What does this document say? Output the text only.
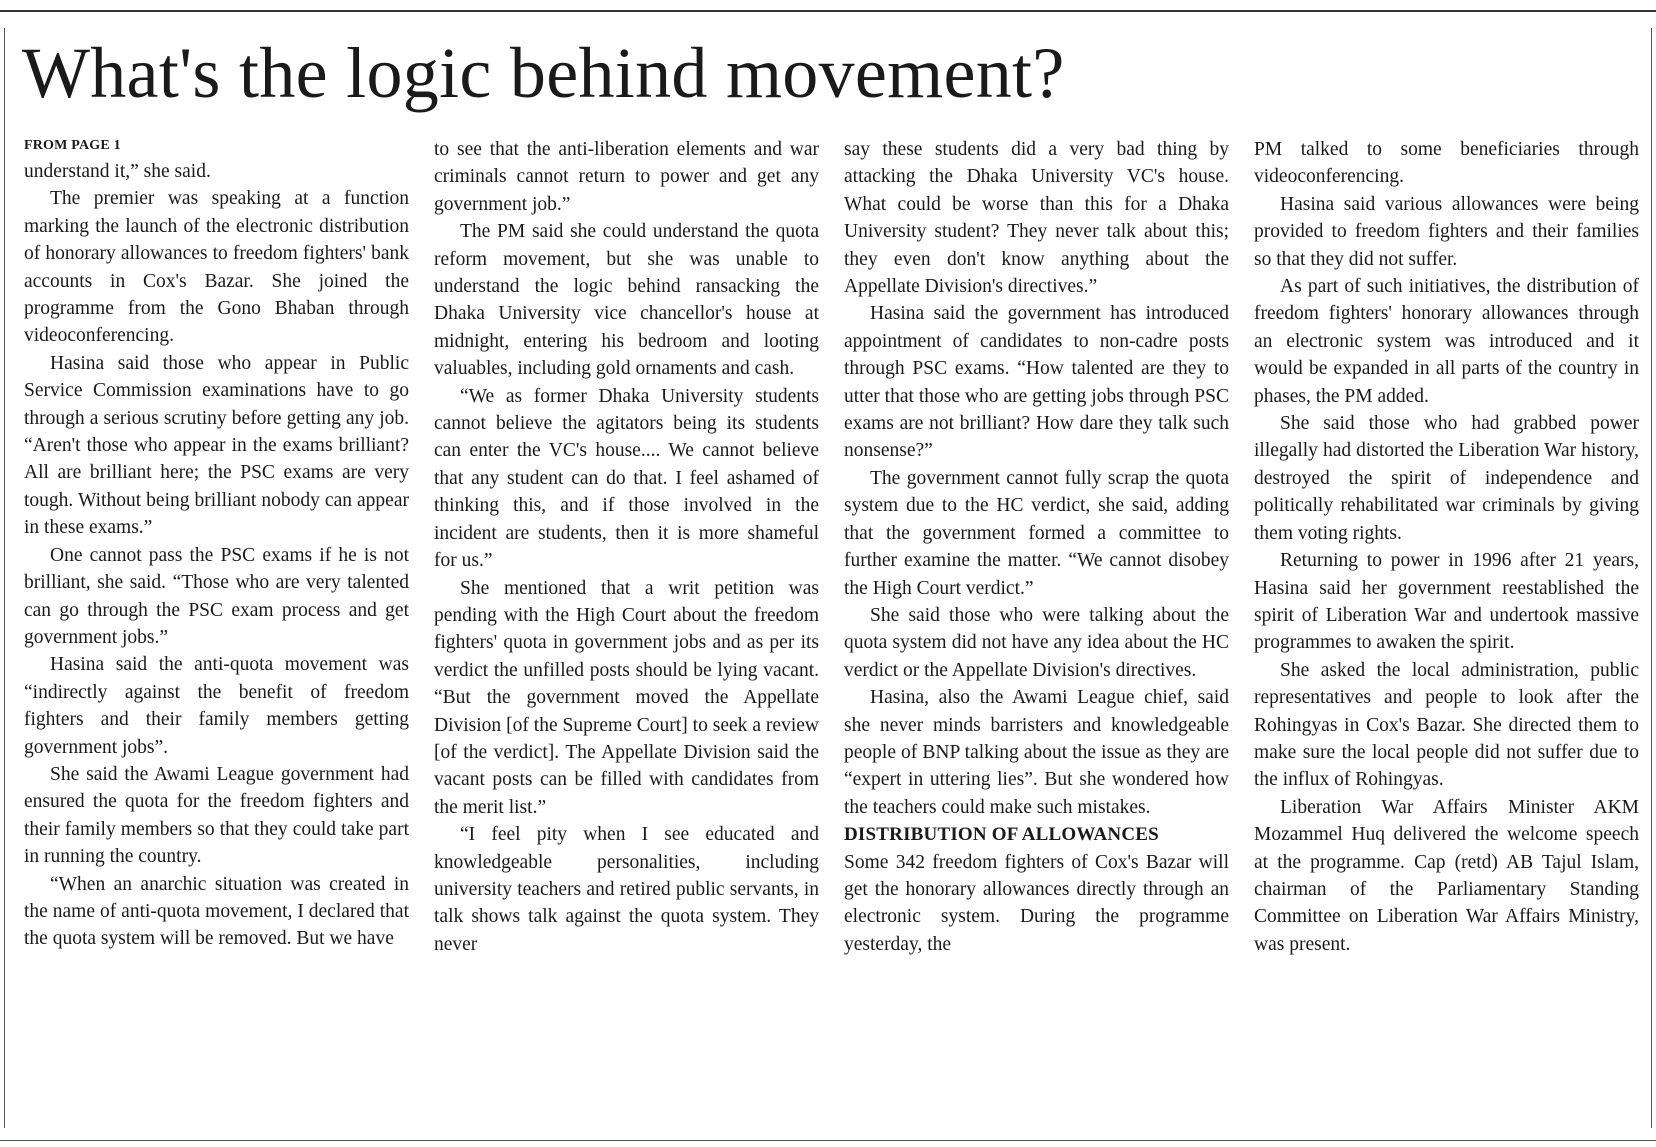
What's the logic behind movement?
FROM PAGE 1

understand it,” she said.

The premier was speaking at a function marking the launch of the electronic distribution of honorary allowances to freedom fighters' bank accounts in Cox's Bazar. She joined the programme from the Gono Bhaban through videoconferencing.

Hasina said those who appear in Public Service Commission examinations have to go through a serious scrutiny before getting any job. “Aren't those who appear in the exams brilliant? All are brilliant here; the PSC exams are very tough. Without being brilliant nobody can appear in these exams.”

One cannot pass the PSC exams if he is not brilliant, she said. “Those who are very talented can go through the PSC exam process and get government jobs.”

Hasina said the anti-quota movement was “indirectly against the benefit of freedom fighters and their family members getting government jobs”.

She said the Awami League government had ensured the quota for the freedom fighters and their family members so that they could take part in running the country.

“When an anarchic situation was created in the name of anti-quota movement, I declared that the quota system will be removed. But we have

to see that the anti-liberation elements and war criminals cannot return to power and get any government job.”

The PM said she could understand the quota reform movement, but she was unable to understand the logic behind ransacking the Dhaka University vice chancellor's house at midnight, entering his bedroom and looting valuables, including gold ornaments and cash.

“We as former Dhaka University students cannot believe the agitators being its students can enter the VC's house.... We cannot believe that any student can do that. I feel ashamed of thinking this, and if those involved in the incident are students, then it is more shameful for us.”

She mentioned that a writ petition was pending with the High Court about the freedom fighters' quota in government jobs and as per its verdict the unfilled posts should be lying vacant. “But the government moved the Appellate Division [of the Supreme Court] to seek a review [of the verdict]. The Appellate Division said the vacant posts can be filled with candidates from the merit list.”

“I feel pity when I see educated and knowledgeable personalities, including university teachers and retired public servants, in talk shows talk against the quota system. They never

say these students did a very bad thing by attacking the Dhaka University VC's house. What could be worse than this for a Dhaka University student? They never talk about this; they even don't know anything about the Appellate Division's directives.”

Hasina said the government has introduced appointment of candidates to non-cadre posts through PSC exams. “How talented are they to utter that those who are getting jobs through PSC exams are not brilliant? How dare they talk such nonsense?”

The government cannot fully scrap the quota system due to the HC verdict, she said, adding that the government formed a committee to further examine the matter. “We cannot disobey the High Court verdict.”

She said those who were talking about the quota system did not have any idea about the HC verdict or the Appellate Division's directives.

Hasina, also the Awami League chief, said she never minds barristers and knowledgeable people of BNP talking about the issue as they are “expert in uttering lies”. But she wondered how the teachers could make such mistakes.

DISTRIBUTION OF ALLOWANCES

Some 342 freedom fighters of Cox's Bazar will get the honorary allowances directly through an electronic system. During the programme yesterday, the

PM talked to some beneficiaries through videoconferencing.

Hasina said various allowances were being provided to freedom fighters and their families so that they did not suffer.

As part of such initiatives, the distribution of freedom fighters' honorary allowances through an electronic system was introduced and it would be expanded in all parts of the country in phases, the PM added.

She said those who had grabbed power illegally had distorted the Liberation War history, destroyed the spirit of independence and politically rehabilitated war criminals by giving them voting rights.

Returning to power in 1996 after 21 years, Hasina said her government reestablished the spirit of Liberation War and undertook massive programmes to awaken the spirit.

She asked the local administration, public representatives and people to look after the Rohingyas in Cox's Bazar. She directed them to make sure the local people did not suffer due to the influx of Rohingyas.

Liberation War Affairs Minister AKM Mozammel Huq delivered the welcome speech at the programme. Cap (retd) AB Tajul Islam, chairman of the Parliamentary Standing Committee on Liberation War Affairs Ministry, was present.
